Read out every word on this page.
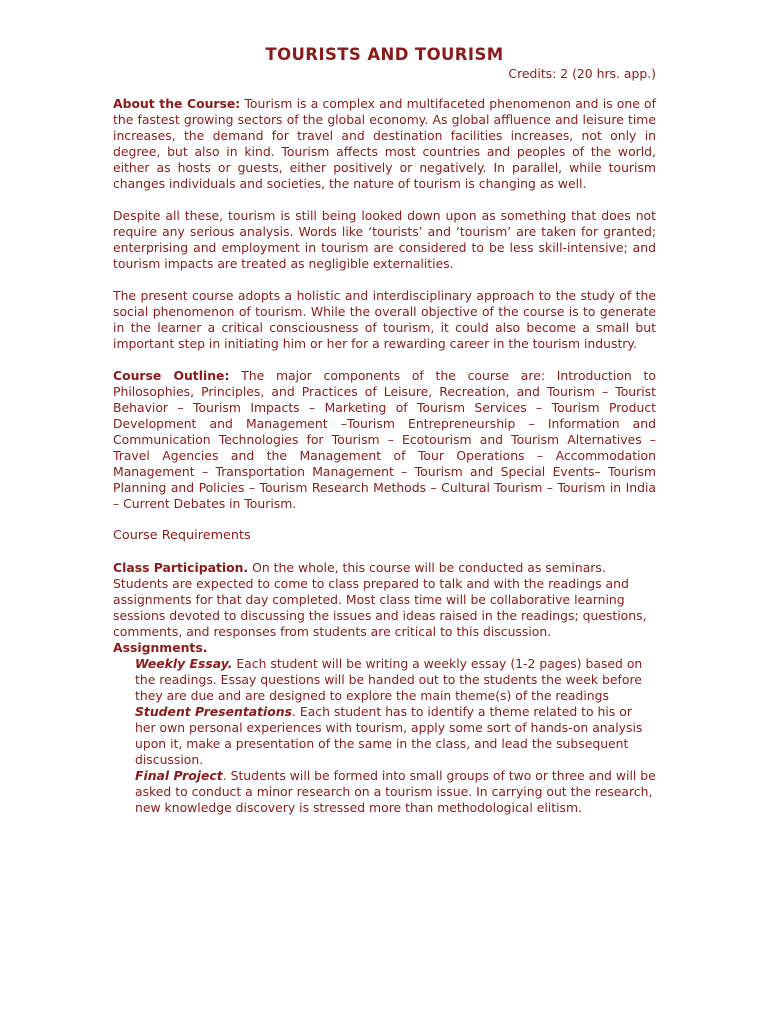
TOURISTS AND TOURISM
Credits: 2 (20 hrs. app.)

About the Course: Tourism is a complex and multifaceted phenomenon and is one of the fastest growing sectors of the global economy. As global affluence and leisure time increases, the demand for travel and destination facilities increases, not only in degree, but also in kind. Tourism affects most countries and peoples of the world, either as hosts or guests, either positively or negatively. In parallel, while tourism changes individuals and societies, the nature of tourism is changing as well.

Despite all these, tourism is still being looked down upon as something that does not require any serious analysis. Words like ‘tourists’ and ‘tourism’ are taken for granted; enterprising and employment in tourism are considered to be less skill-intensive; and tourism impacts are treated as negligible externalities.

The present course adopts a holistic and interdisciplinary approach to the study of the social phenomenon of tourism. While the overall objective of the course is to generate in the learner a critical consciousness of tourism, it could also become a small but important step in initiating him or her for a rewarding career in the tourism industry.

Course Outline: The major components of the course are: Introduction to Philosophies, Principles, and Practices of Leisure, Recreation, and Tourism – Tourist Behavior – Tourism Impacts – Marketing of Tourism Services – Tourism Product Development and Management –Tourism Entrepreneurship – Information and Communication Technologies for Tourism – Ecotourism and Tourism Alternatives – Travel Agencies and the Management of Tour Operations – Accommodation Management – Transportation Management – Tourism and Special Events– Tourism Planning and Policies – Tourism Research Methods – Cultural Tourism – Tourism in India – Current Debates in Tourism.

Course Requirements

Class Participation. On the whole, this course will be conducted as seminars. Students are expected to come to class prepared to talk and with the readings and assignments for that day completed. Most class time will be collaborative learning sessions devoted to discussing the issues and ideas raised in the readings; questions, comments, and responses from students are critical to this discussion.

Assignments.

Weekly Essay. Each student will be writing a weekly essay (1-2 pages) based on the readings. Essay questions will be handed out to the students the week before they are due and are designed to explore the main theme(s) of the readings

Student Presentations. Each student has to identify a theme related to his or her own personal experiences with tourism, apply some sort of hands-on analysis upon it, make a presentation of the same in the class, and lead the subsequent discussion.

Final Project. Students will be formed into small groups of two or three and will be asked to conduct a minor research on a tourism issue. In carrying out the research, new knowledge discovery is stressed more than methodological elitism.
